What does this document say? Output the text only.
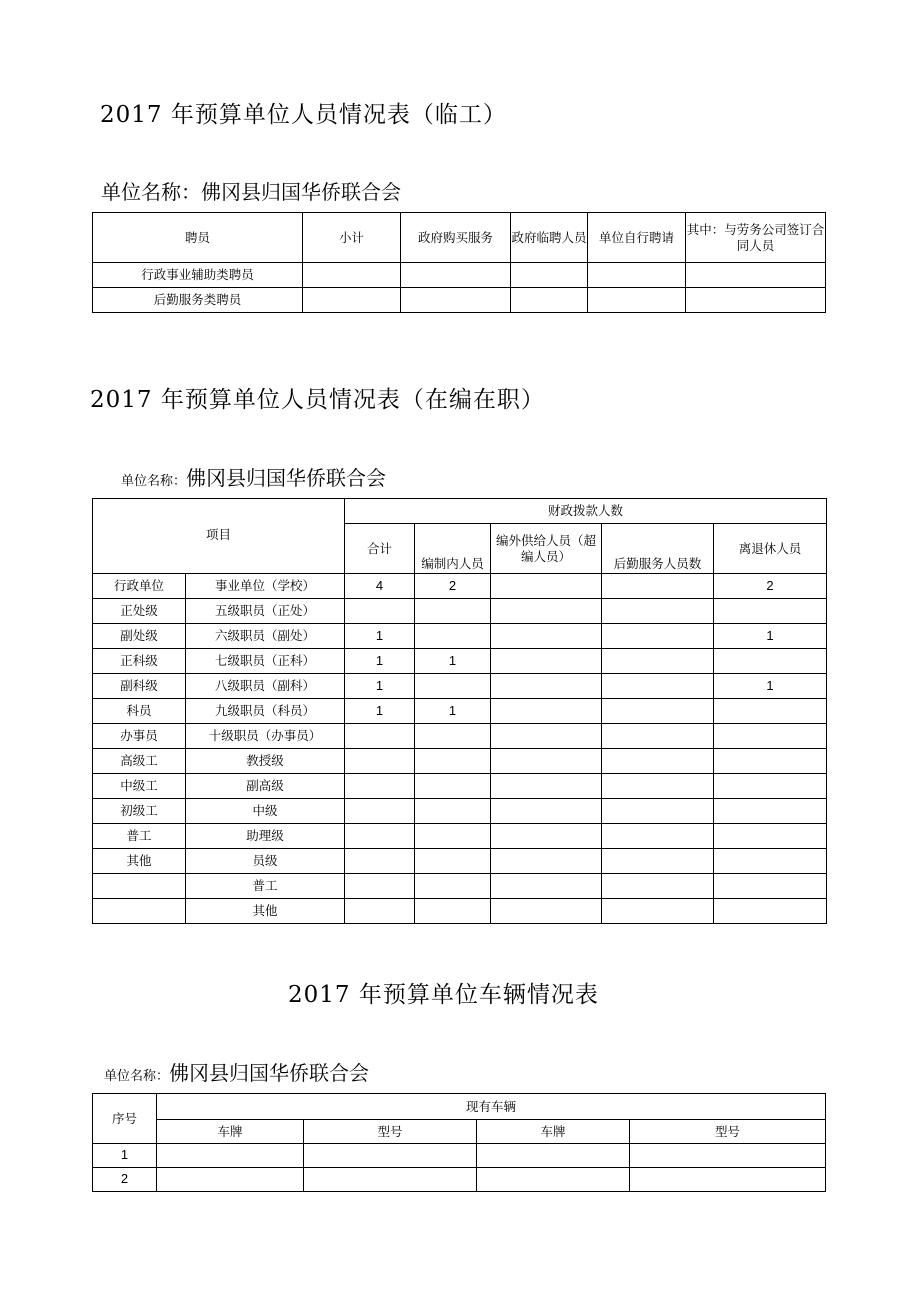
2017 年预算单位人员情况表（临工）
单位名称：佛冈县归国华侨联合会
聘员	小计	政府购买服务	政府临聘人员	单位自行聘请	其中：与劳务公司签订合同人员
行政事业辅助类聘员					
后勤服务类聘员					
2017 年预算单位人员情况表（在编在职）
单位名称：佛冈县归国华侨联合会
项目		财政拨款人数				
		合计	编制内人员	编外供给人员（超编人员）	后勤服务人员数	离退休人员
行政单位	事业单位（学校）	4	2			2
正处级	五级职员（正处）					
副处级	六级职员（副处）	1				1
正科级	七级职员（正科）	1	1			
副科级	八级职员（副科）	1				1
科员	九级职员（科员）	1	1			
办事员	十级职员（办事员）					
高级工	教授级					
中级工	副高级					
初级工	中级					
普工	助理级					
其他	员级					
	普工					
	其他					
2017 年预算单位车辆情况表
单位名称：佛冈县归国华侨联合会
序号	现有车辆			
	车牌	型号	车牌	型号
1				
2				
